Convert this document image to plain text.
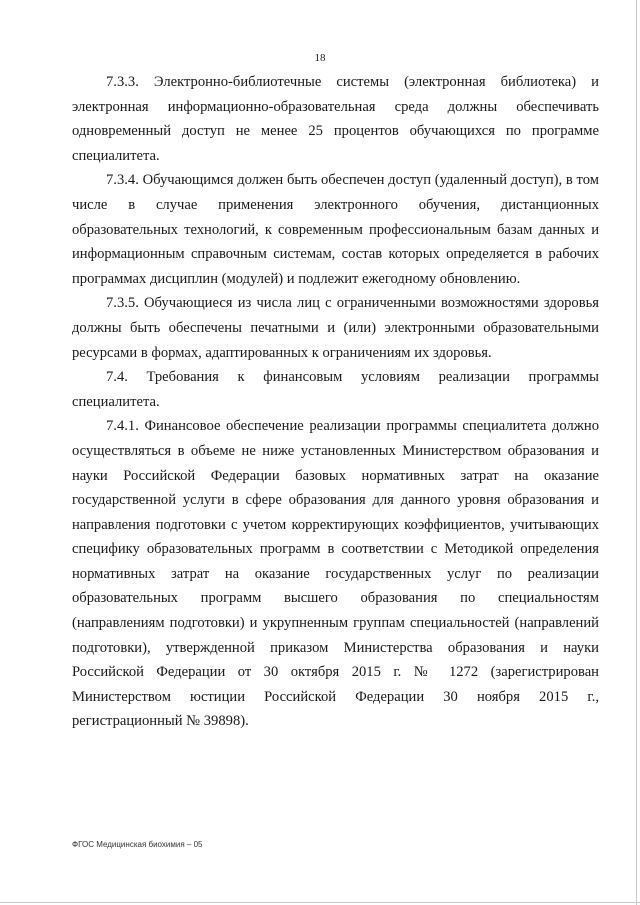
18

7.3.3. Электронно-библиотечные системы (электронная библиотека) и электронная информационно-образовательная среда должны обеспечивать одновременный доступ не менее 25 процентов обучающихся по программе специалитета.

7.3.4. Обучающимся должен быть обеспечен доступ (удаленный доступ), в том числе в случае применения электронного обучения, дистанционных образовательных технологий, к современным профессиональным базам данных и информационным справочным системам, состав которых определяется в рабочих программах дисциплин (модулей) и подлежит ежегодному обновлению.

7.3.5. Обучающиеся из числа лиц с ограниченными возможностями здоровья должны быть обеспечены печатными и (или) электронными образовательными ресурсами в формах, адаптированных к ограничениям их здоровья.

7.4. Требования к финансовым условиям реализации программы специалитета.

7.4.1. Финансовое обеспечение реализации программы специалитета должно осуществляться в объеме не ниже установленных Министерством образования и науки Российской Федерации базовых нормативных затрат на оказание государственной услуги в сфере образования для данного уровня образования и направления подготовки с учетом корректирующих коэффициентов, учитывающих специфику образовательных программ в соответствии с Методикой определения нормативных затрат на оказание государственных услуг по реализации образовательных программ высшего образования по специальностям (направлениям подготовки) и укрупненным группам специальностей (направлений подготовки), утвержденной приказом Министерства образования и науки Российской Федерации от 30 октября 2015 г. № 1272 (зарегистрирован Министерством юстиции Российской Федерации 30 ноября 2015 г., регистрационный № 39898).

ФГОС Медицинская биохимия – 05
